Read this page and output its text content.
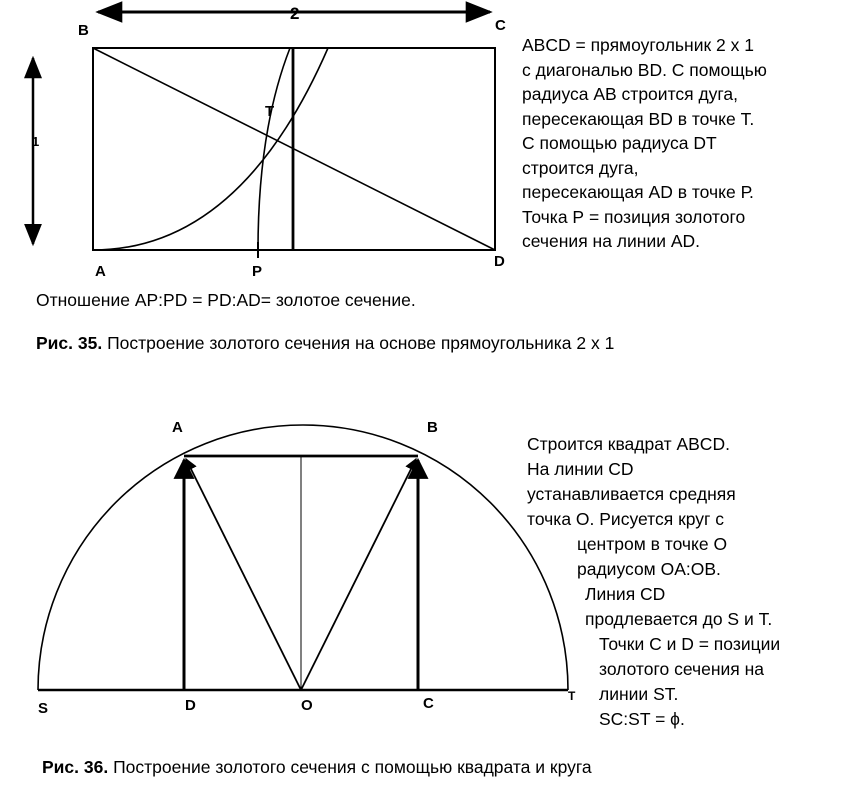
B	C
A
D
T
P
2
1
A	B
S	D	O	C	T
ABCD = прямоугольник 2 х 1
с диагональю BD. С помощью
радиуса AB строится дуга,
пересекающая BD в точке Т.
С помощью радиуса DT
строится дуга,
пересекающая AD в точке Р.
Точка Р = позиция золотого
сечения на линии AD.
Отношение AP:PD = PD:AD= золотое сечение.
Рис. 35. Построение золотого сечения на основе прямоугольника 2 х 1
Строится квадрат ABCD.
На линии CD
устанавливается средняя
точка О. Рисуется круг с
центром в точке О
радиусом OA:OB.
Линия CD
продлевается до S и Т.
Точки С и D = позиции
золотого сечения на
линии ST.
SC:ST = ϕ.
Рис. 36. Построение золотого сечения с помощью квадрата и круга
